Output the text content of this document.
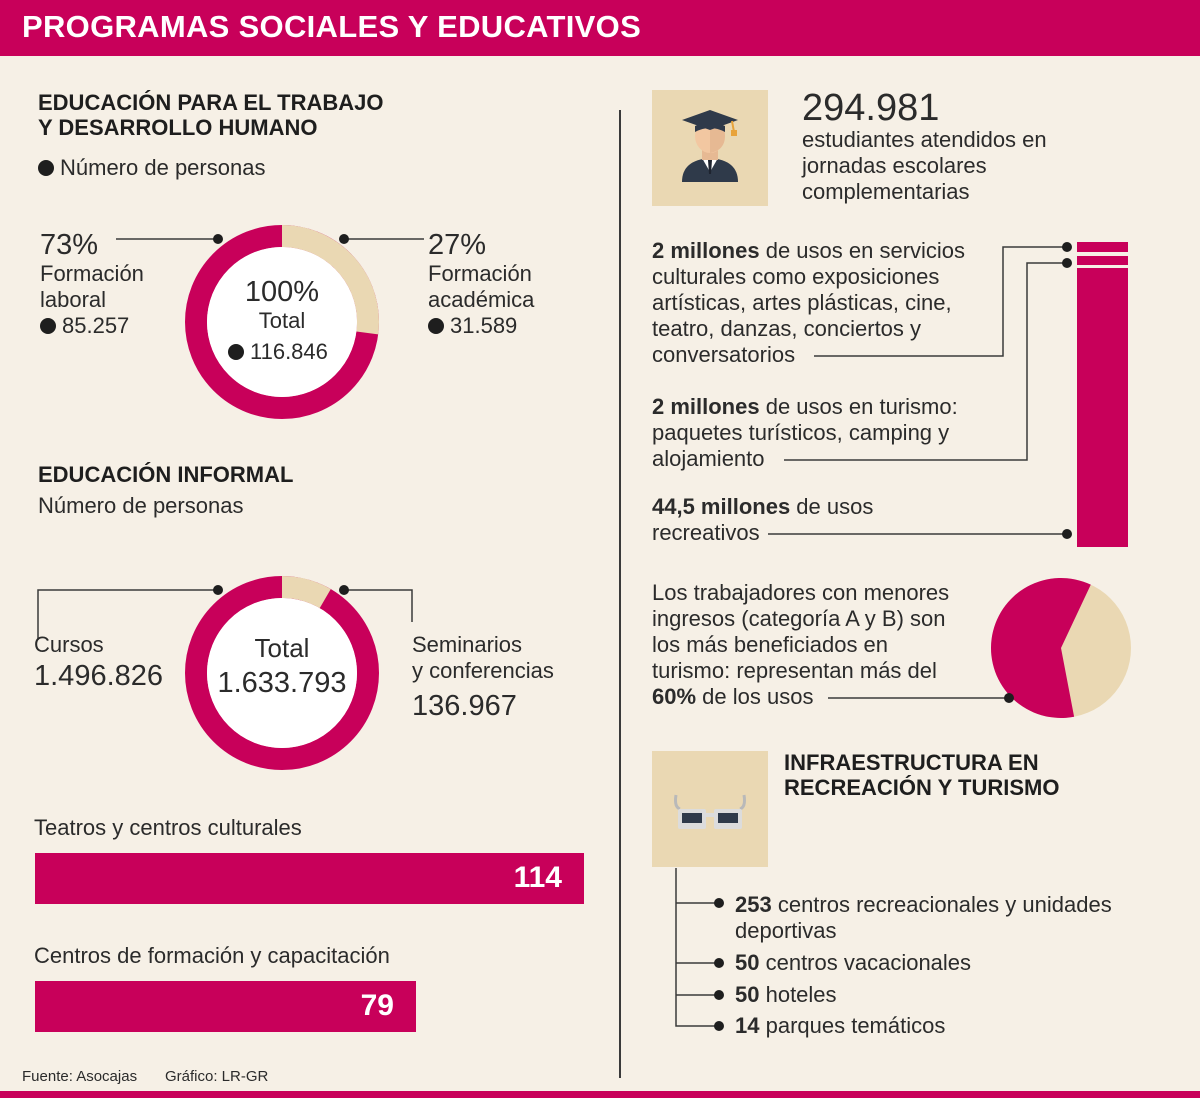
PROGRAMAS SOCIALES Y EDUCATIVOS
EDUCACIÓN PARA EL TRABAJO
Y DESARROLLO HUMANO
Número de personas
100%
Total
116.846
73%
Formación
laboral
85.257
27%
Formación
académica
31.589
EDUCACIÓN INFORMAL
Número de personas
Total
1.633.793
Cursos
1.496.826
Seminarios
y conferencias
136.967
Teatros y centros culturales
114
Centros de formación y capacitación
79
Fuente: Asocajas Gráfico: LR-GR
294.981
estudiantes atendidos en
jornadas escolares
complementarias
2 millones de usos en servicios
culturales como exposiciones
artísticas, artes plásticas, cine,
teatro, danzas, conciertos y
conversatorios
2 millones de usos en turismo:
paquetes turísticos, camping y
alojamiento
44,5 millones de usos
recreativos
Los trabajadores con menores
ingresos (categoría A y B) son
los más beneficiados en
turismo: representan más del
60% de los usos
INFRAESTRUCTURA EN
RECREACIÓN Y TURISMO
253 centros recreacionales y unidades
deportivas
50 centros vacacionales
50 hoteles
14 parques temáticos
